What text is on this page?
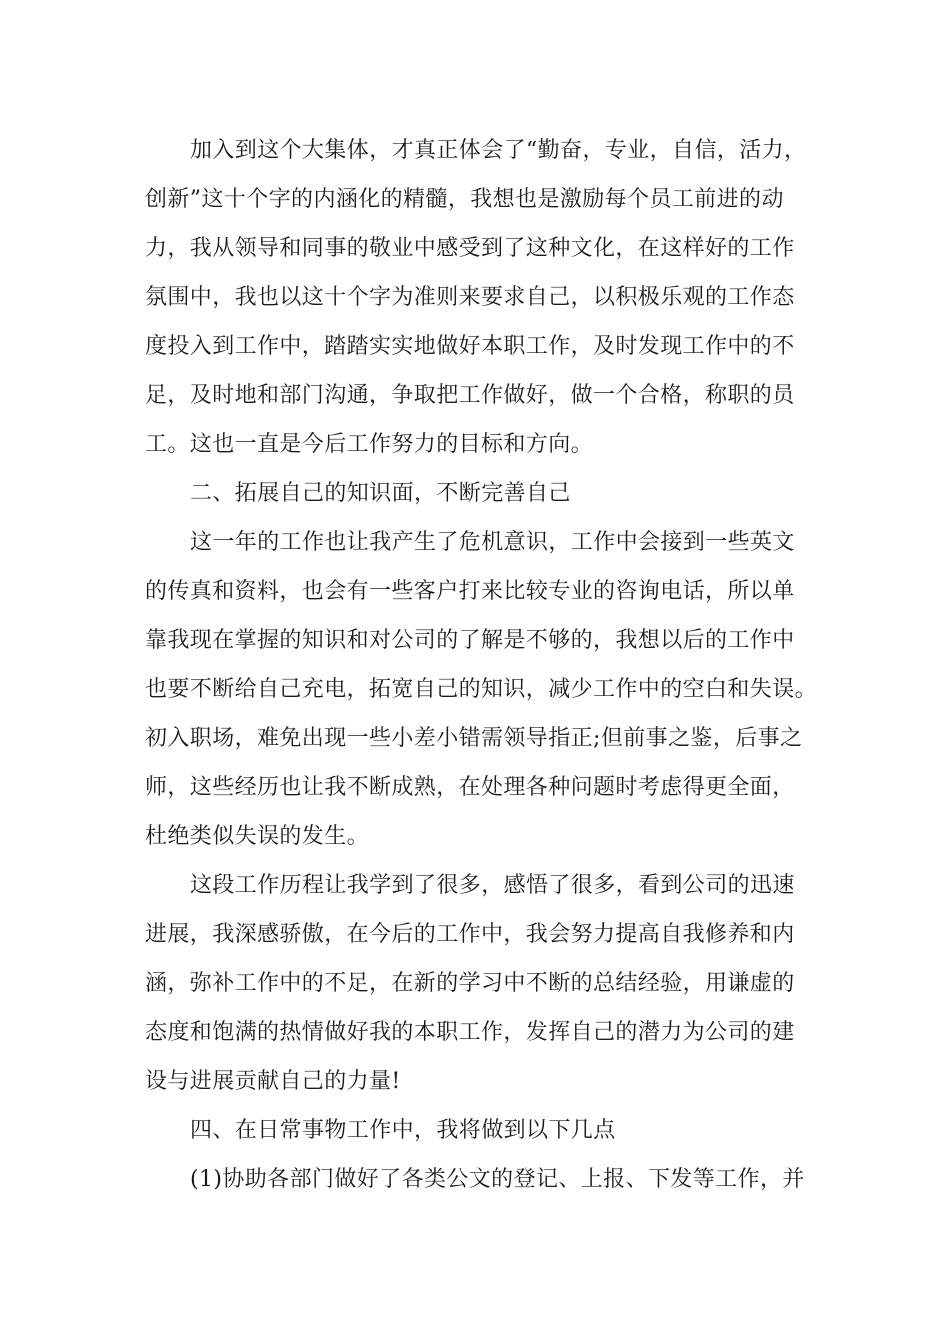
加入到这个大集体，才真正体会了“勤奋，专业，自信，活力，
创新”这十个字的内涵化的精髓，我想也是激励每个员工前进的动
力，我从领导和同事的敬业中感受到了这种文化，在这样好的工作
氛围中，我也以这十个字为准则来要求自己，以积极乐观的工作态
度投入到工作中，踏踏实实地做好本职工作，及时发现工作中的不
足，及时地和部门沟通，争取把工作做好，做一个合格，称职的员
工。这也一直是今后工作努力的目标和方向。
二、拓展自己的知识面，不断完善自己
这一年的工作也让我产生了危机意识，工作中会接到一些英文
的传真和资料，也会有一些客户打来比较专业的咨询电话，所以单
靠我现在掌握的知识和对公司的了解是不够的，我想以后的工作中
也要不断给自己充电，拓宽自己的知识，减少工作中的空白和失误。
初入职场，难免出现一些小差小错需领导指正;但前事之鉴，后事之
师，这些经历也让我不断成熟，在处理各种问题时考虑得更全面，
杜绝类似失误的发生。
这段工作历程让我学到了很多，感悟了很多，看到公司的迅速
进展，我深感骄傲，在今后的工作中，我会努力提高自我修养和内
涵，弥补工作中的不足，在新的学习中不断的总结经验，用谦虚的
态度和饱满的热情做好我的本职工作，发挥自己的潜力为公司的建
设与进展贡献自己的力量!
四、在日常事物工作中，我将做到以下几点
(1)协助各部门做好了各类公文的登记、上报、下发等工作，并
